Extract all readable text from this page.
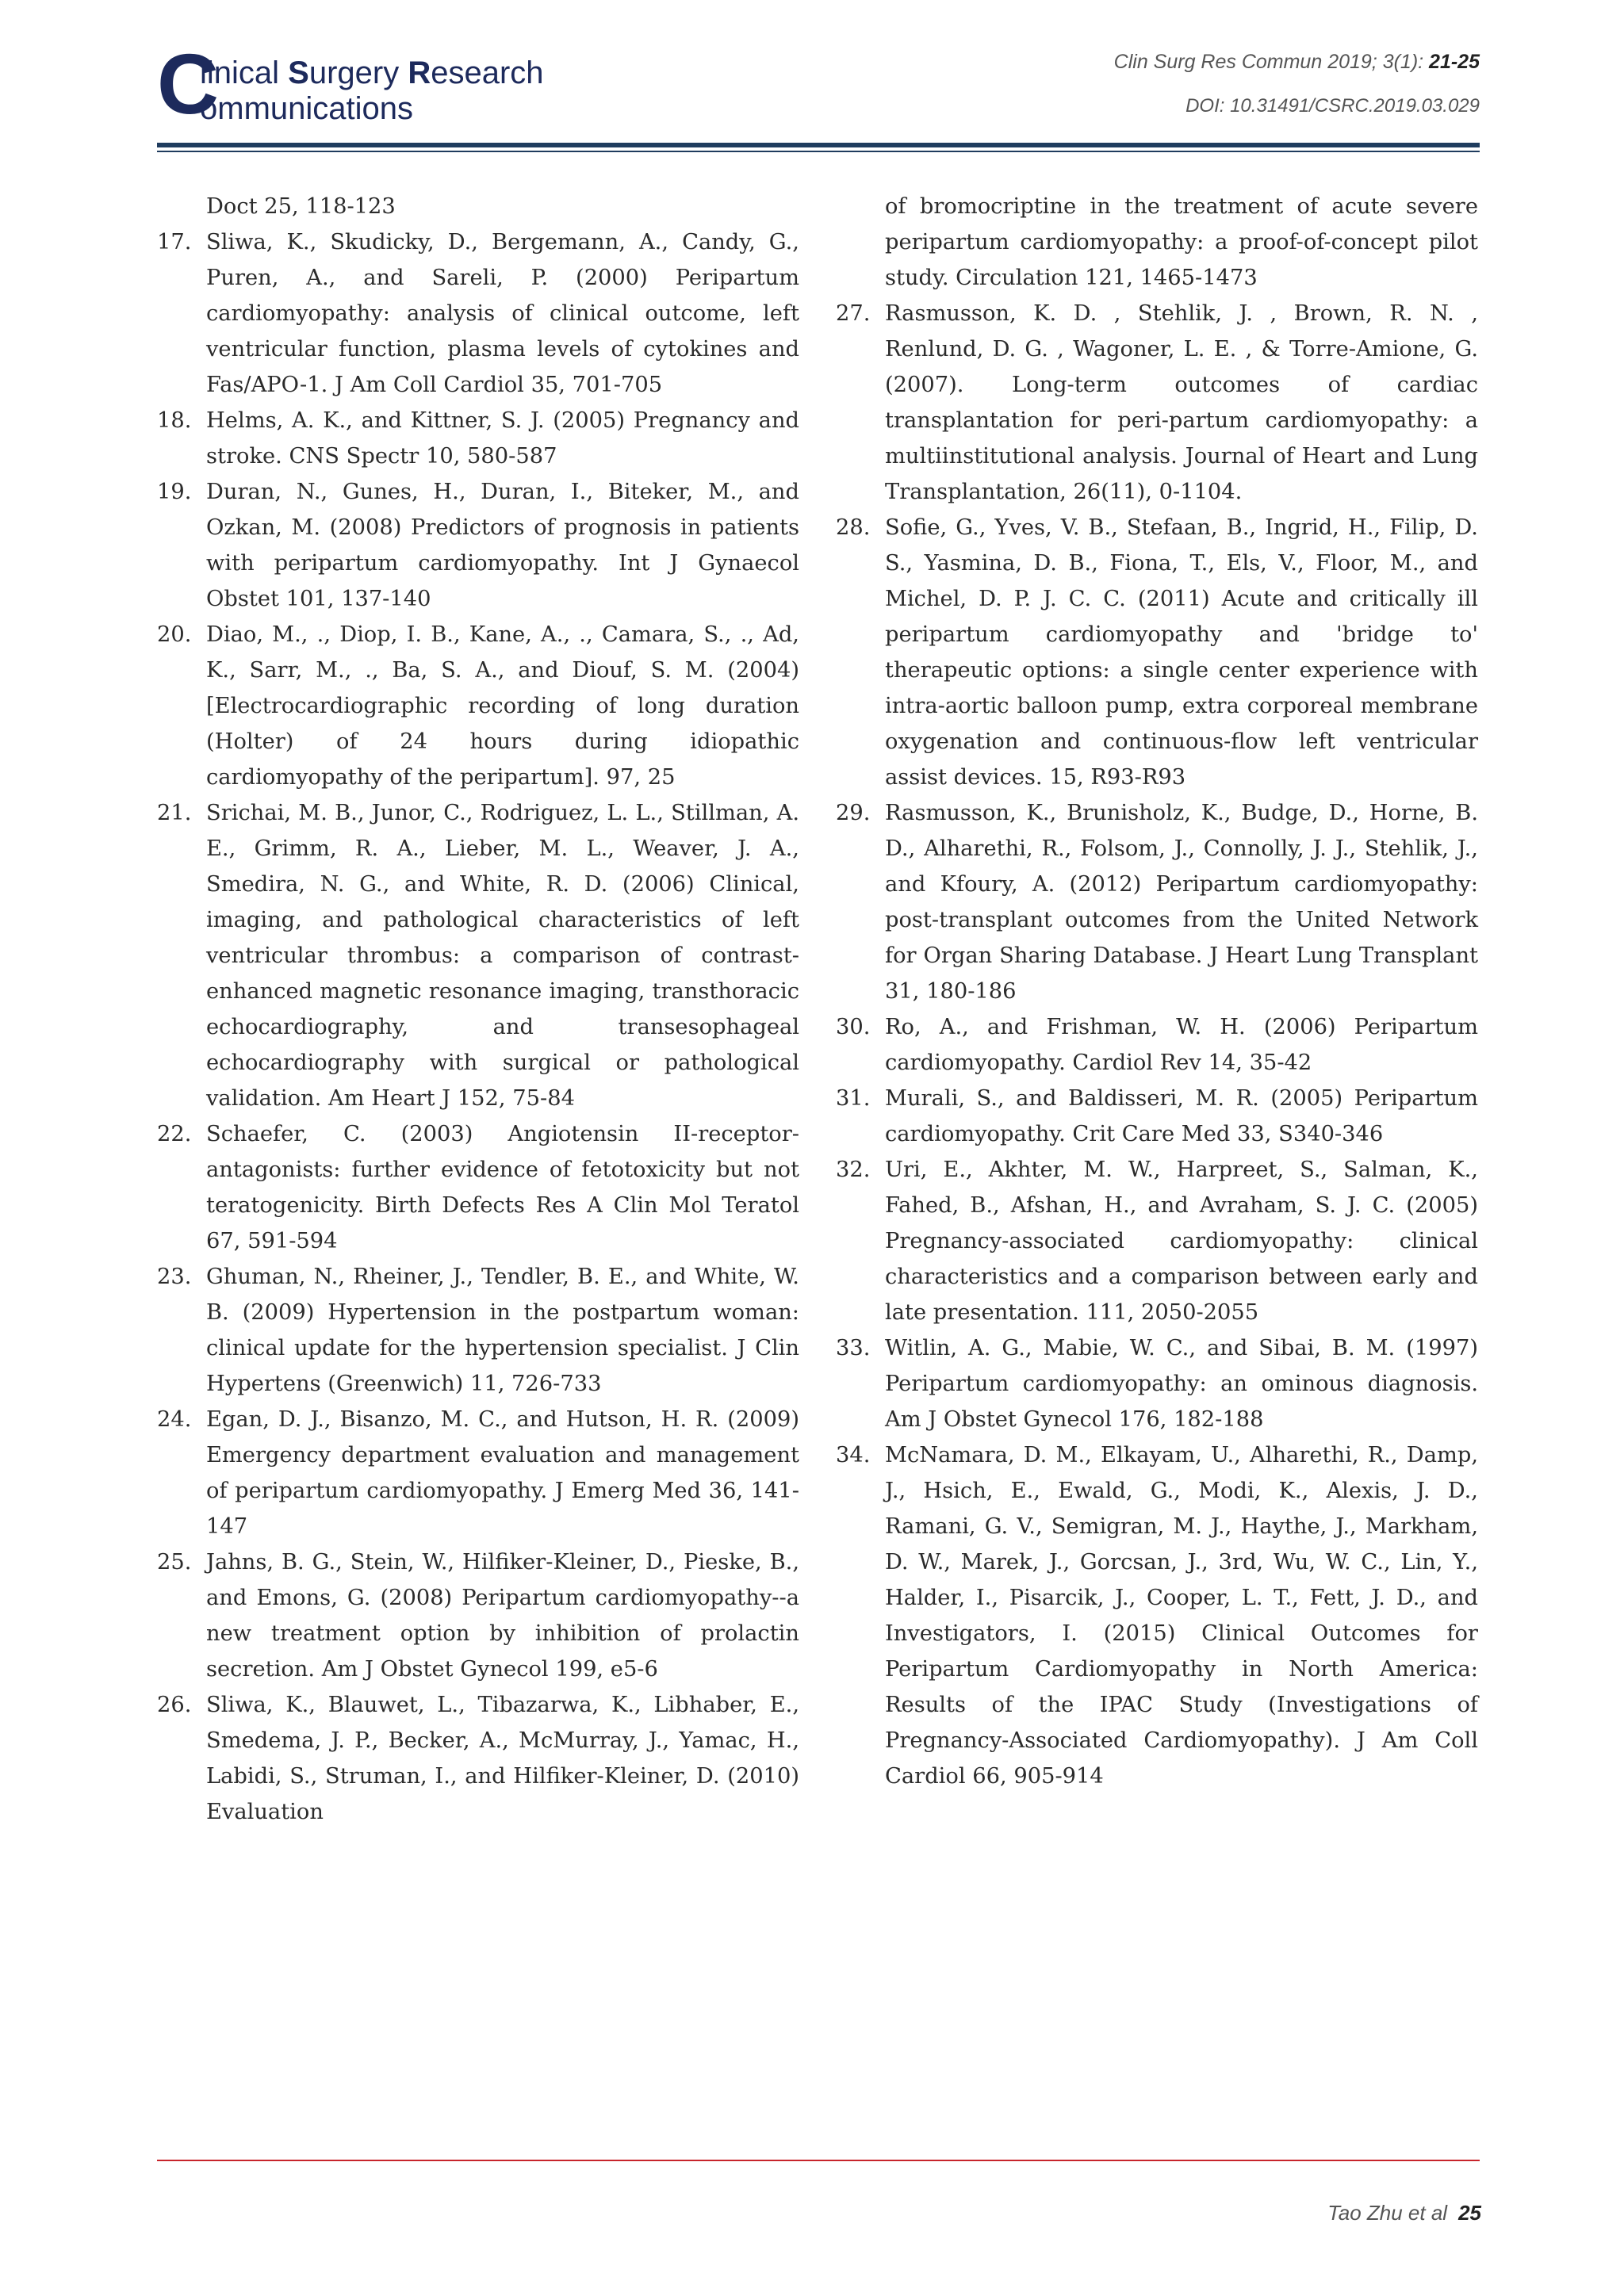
C
linical Surgery Research
ommunications
Clin Surg Res Commun 2019; 3(1): 21-25
DOI: 10.31491/CSRC.2019.03.029
Doct 25, 118-123
17. Sliwa, K., Skudicky, D., Bergemann, A., Candy, G., Puren, A., and Sareli, P. (2000) Peripartum cardiomyopathy: analysis of clinical outcome, left ventricular function, plasma levels of cytokines and Fas/APO-1. J Am Coll Cardiol 35, 701-705
18. Helms, A. K., and Kittner, S. J. (2005) Pregnancy and stroke. CNS Spectr 10, 580-587
19. Duran, N., Gunes, H., Duran, I., Biteker, M., and Ozkan, M. (2008) Predictors of prognosis in patients with peripartum cardiomyopathy. Int J Gynaecol Obstet 101, 137-140
20. Diao, M., ., Diop, I. B., Kane, A., ., Camara, S., ., Ad, K., Sarr, M., ., Ba, S. A., and Diouf, S. M. (2004) [Electrocardiographic recording of long duration (Holter) of 24 hours during idiopathic cardiomyopathy of the peripartum]. 97, 25
21. Srichai, M. B., Junor, C., Rodriguez, L. L., Stillman, A. E., Grimm, R. A., Lieber, M. L., Weaver, J. A., Smedira, N. G., and White, R. D. (2006) Clinical, imaging, and pathological characteristics of left ventricular thrombus: a comparison of contrast-enhanced magnetic resonance imaging, transthoracic echocardiography, and transesophageal echocardiography with surgical or pathological validation. Am Heart J 152, 75-84
22. Schaefer, C. (2003) Angiotensin II-receptor-antagonists: further evidence of fetotoxicity but not teratogenicity. Birth Defects Res A Clin Mol Teratol 67, 591-594
23. Ghuman, N., Rheiner, J., Tendler, B. E., and White, W. B. (2009) Hypertension in the postpartum woman: clinical update for the hypertension specialist. J Clin Hypertens (Greenwich) 11, 726-733
24. Egan, D. J., Bisanzo, M. C., and Hutson, H. R. (2009) Emergency department evaluation and management of peripartum cardiomyopathy. J Emerg Med 36, 141-147
25. Jahns, B. G., Stein, W., Hilfiker-Kleiner, D., Pieske, B., and Emons, G. (2008) Peripartum cardiomyopathy--a new treatment option by inhibition of prolactin secretion. Am J Obstet Gynecol 199, e5-6
26. Sliwa, K., Blauwet, L., Tibazarwa, K., Libhaber, E., Smedema, J. P., Becker, A., McMurray, J., Yamac, H., Labidi, S., Struman, I., and Hilfiker-Kleiner, D. (2010) Evaluation
of bromocriptine in the treatment of acute severe peripartum cardiomyopathy: a proof-of-concept pilot study. Circulation 121, 1465-1473
27. Rasmusson, K. D. , Stehlik, J. , Brown, R. N. , Renlund, D. G. , Wagoner, L. E. , & Torre-Amione, G. (2007). Long-term outcomes of cardiac transplantation for peri-partum cardiomyopathy: a multiinstitutional analysis. Journal of Heart and Lung Transplantation, 26(11), 0-1104.
28. Sofie, G., Yves, V. B., Stefaan, B., Ingrid, H., Filip, D. S., Yasmina, D. B., Fiona, T., Els, V., Floor, M., and Michel, D. P. J. C. C. (2011) Acute and critically ill peripartum cardiomyopathy and 'bridge to' therapeutic options: a single center experience with intra-aortic balloon pump, extra corporeal membrane oxygenation and continuous-flow left ventricular assist devices. 15, R93-R93
29. Rasmusson, K., Brunisholz, K., Budge, D., Horne, B. D., Alharethi, R., Folsom, J., Connolly, J. J., Stehlik, J., and Kfoury, A. (2012) Peripartum cardiomyopathy: post-transplant outcomes from the United Network for Organ Sharing Database. J Heart Lung Transplant 31, 180-186
30. Ro, A., and Frishman, W. H. (2006) Peripartum cardiomyopathy. Cardiol Rev 14, 35-42
31. Murali, S., and Baldisseri, M. R. (2005) Peripartum cardiomyopathy. Crit Care Med 33, S340-346
32. Uri, E., Akhter, M. W., Harpreet, S., Salman, K., Fahed, B., Afshan, H., and Avraham, S. J. C. (2005) Pregnancy-associated cardiomyopathy: clinical characteristics and a comparison between early and late presentation. 111, 2050-2055
33. Witlin, A. G., Mabie, W. C., and Sibai, B. M. (1997) Peripartum cardiomyopathy: an ominous diagnosis. Am J Obstet Gynecol 176, 182-188
34. McNamara, D. M., Elkayam, U., Alharethi, R., Damp, J., Hsich, E., Ewald, G., Modi, K., Alexis, J. D., Ramani, G. V., Semigran, M. J., Haythe, J., Markham, D. W., Marek, J., Gorcsan, J., 3rd, Wu, W. C., Lin, Y., Halder, I., Pisarcik, J., Cooper, L. T., Fett, J. D., and Investigators, I. (2015) Clinical Outcomes for Peripartum Cardiomyopathy in North America: Results of the IPAC Study (Investigations of Pregnancy-Associated Cardiomyopathy). J Am Coll Cardiol 66, 905-914
Tao Zhu et al 25
